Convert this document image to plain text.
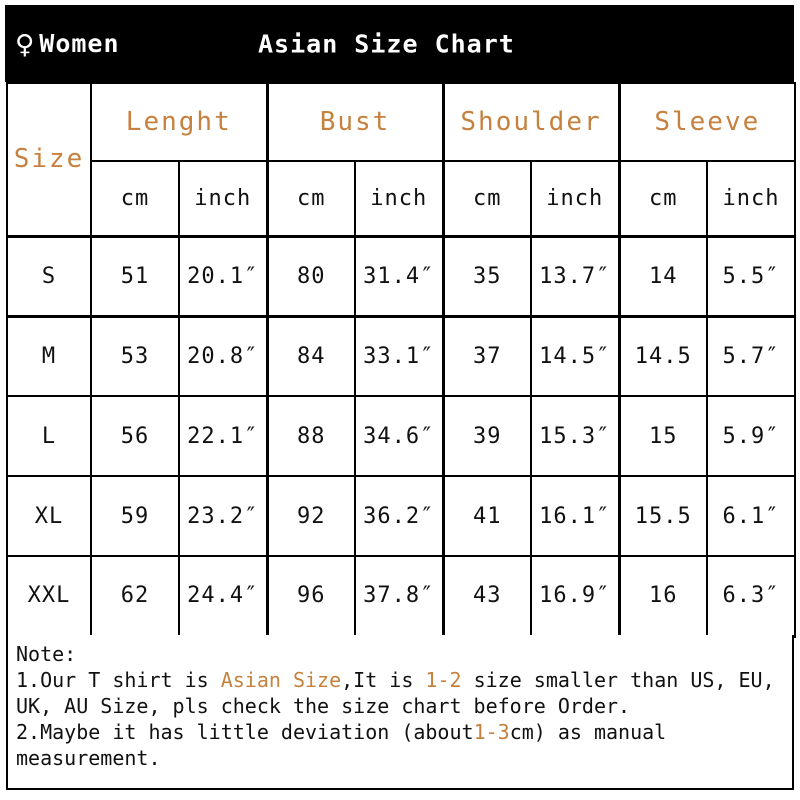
♀ Women	Asian Size Chart
Size	Lenght		Bust		Shoulder		Sleeve	
	cm	inch	cm	inch	cm	inch	cm	inch
S	51	20.1″	80	31.4″	35	13.7″	14	5.5″
M	53	20.8″	84	33.1″	37	14.5″	14.5	5.7″
L	56	22.1″	88	34.6″	39	15.3″	15	5.9″
XL	59	23.2″	92	36.2″	41	16.1″	15.5	6.1″
XXL	62	24.4″	96	37.8″	43	16.9″	16	6.3″
Note:
1.Our T shirt is Asian Size,It is 1-2 size smaller than US, EU,
UK, AU Size, pls check the size chart before Order.
2.Maybe it has little deviation (about1-3cm) as manual
measurement.
